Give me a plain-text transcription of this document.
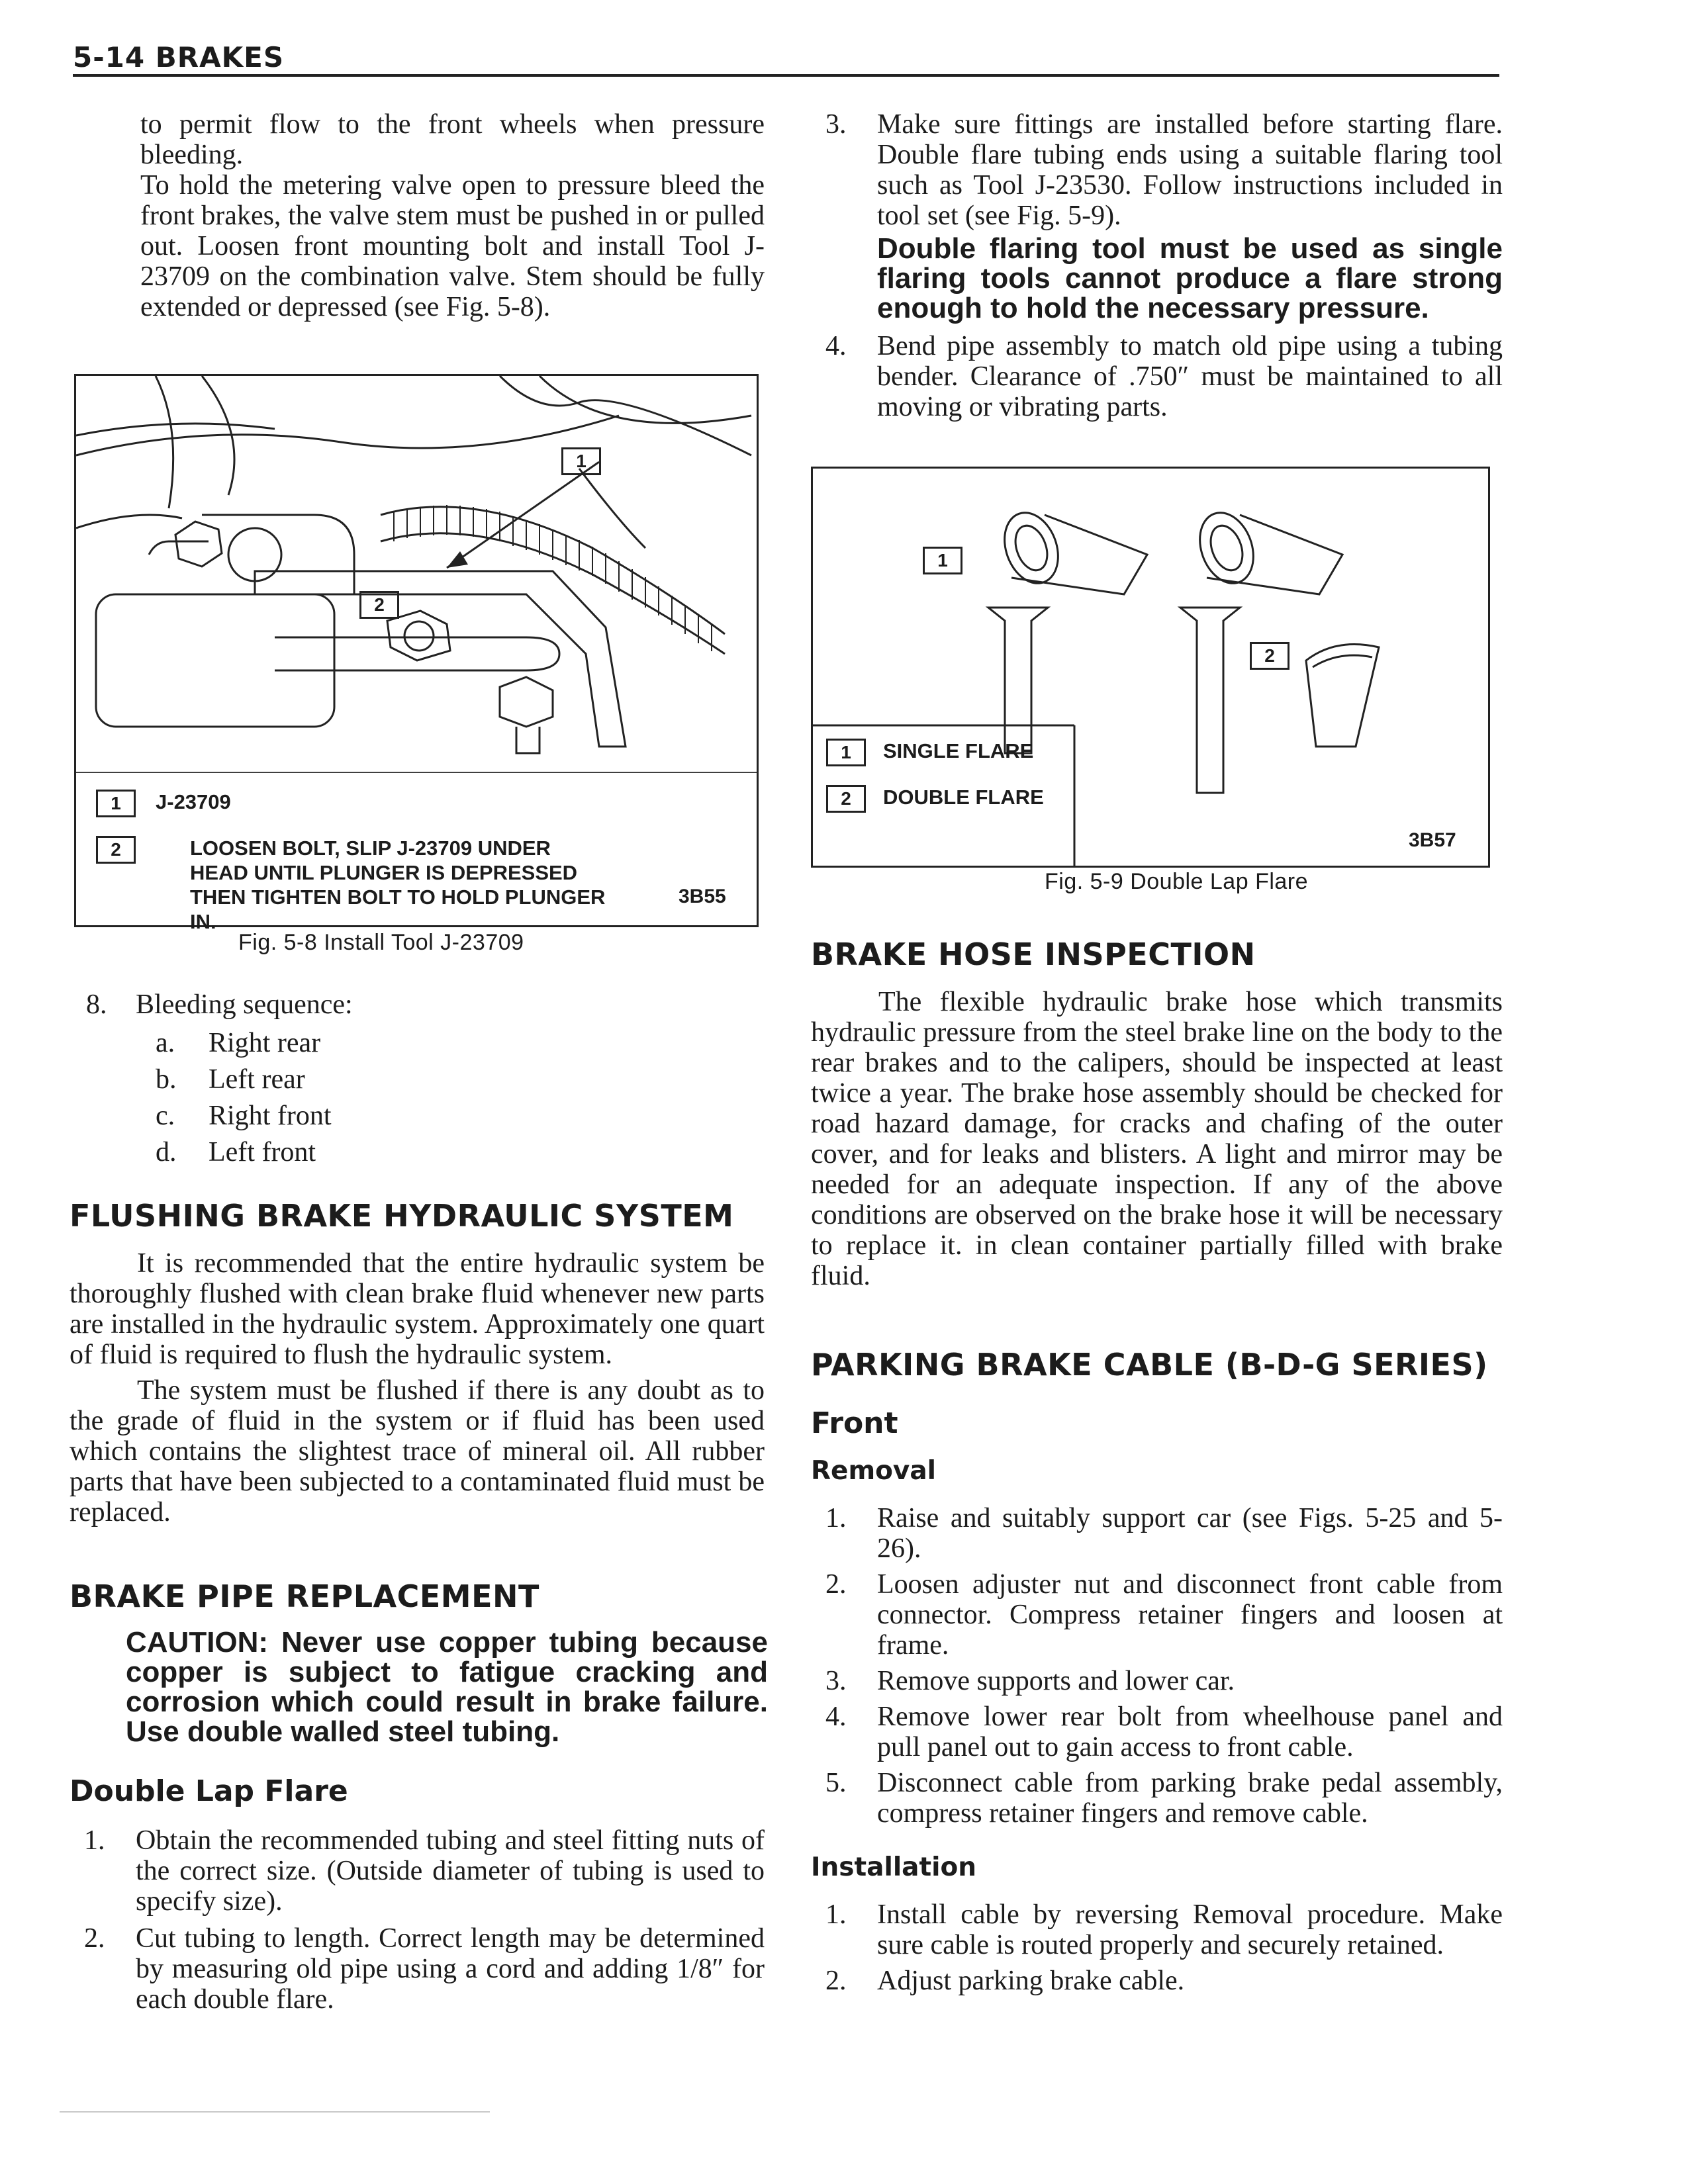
5-14 BRAKES

to permit flow to the front wheels when pressure bleeding.

To hold the metering valve open to pressure bleed the front brakes, the valve stem must be pushed in or pulled out. Loosen front mounting bolt and install Tool J-23709 on the combination valve. Stem should be fully extended or depressed (see Fig. 5-8).

1
2
1 J-23709
2	LOOSEN BOLT, SLIP J-23709 UNDER HEAD UNTIL PLUNGER IS DEPRESSED THEN TIGHTEN BOLT TO HOLD PLUNGER IN.
3B55
Fig. 5-8 Install Tool J-23709
8. Bleeding sequence:
a. Right rear
b. Left rear
c. Right front
d. Left front
FLUSHING BRAKE HYDRAULIC SYSTEM

It is recommended that the entire hydraulic system be thoroughly flushed with clean brake fluid whenever new parts are installed in the hydraulic system. Approximately one quart of fluid is required to flush the hydraulic system.

The system must be flushed if there is any doubt as to the grade of fluid in the system or if fluid has been used which contains the slightest trace of mineral oil. All rubber parts that have been subjected to a contaminated fluid must be replaced.

BRAKE PIPE REPLACEMENT

CAUTION: Never use copper tubing because copper is subject to fatigue cracking and corrosion which could result in brake failure. Use double walled steel tubing.

Double Lap Flare
1. Obtain the recommended tubing and steel fitting nuts of the correct size. (Outside diameter of tubing is used to specify size).
2. Cut tubing to length. Correct length may be determined by measuring old pipe using a cord and adding 1/8″ for each double flare.
3. Make sure fittings are installed before starting flare. Double flare tubing ends using a suitable flaring tool such as Tool J-23530. Follow instructions included in tool set (see Fig. 5-9).

Double flaring tool must be used as single flaring tools cannot produce a flare strong enough to hold the necessary pressure.

4. Bend pipe assembly to match old pipe using a tubing bender. Clearance of .750″ must be maintained to all moving or vibrating parts.
1
2
1 SINGLE FLARE
2 DOUBLE FLARE
3B57
Fig. 5-9 Double Lap Flare
BRAKE HOSE INSPECTION

The flexible hydraulic brake hose which transmits hydraulic pressure from the steel brake line on the body to the rear brakes and to the calipers, should be inspected at least twice a year. The brake hose assembly should be checked for road hazard damage, for cracks and chafing of the outer cover, and for leaks and blisters. A light and mirror may be needed for an adequate inspection. If any of the above conditions are observed on the brake hose it will be necessary to replace it. in clean container partially filled with brake fluid.

PARKING BRAKE CABLE (B-D-G SERIES)
Front
Removal
1. Raise and suitably support car (see Figs. 5-25 and 5-26).
2. Loosen adjuster nut and disconnect front cable from connector. Compress retainer fingers and loosen at frame.
3. Remove supports and lower car.
4. Remove lower rear bolt from wheelhouse panel and pull panel out to gain access to front cable.
5. Disconnect cable from parking brake pedal assembly, compress retainer fingers and remove cable.
Installation
1. Install cable by reversing Removal procedure. Make sure cable is routed properly and securely retained.
2. Adjust parking brake cable.
